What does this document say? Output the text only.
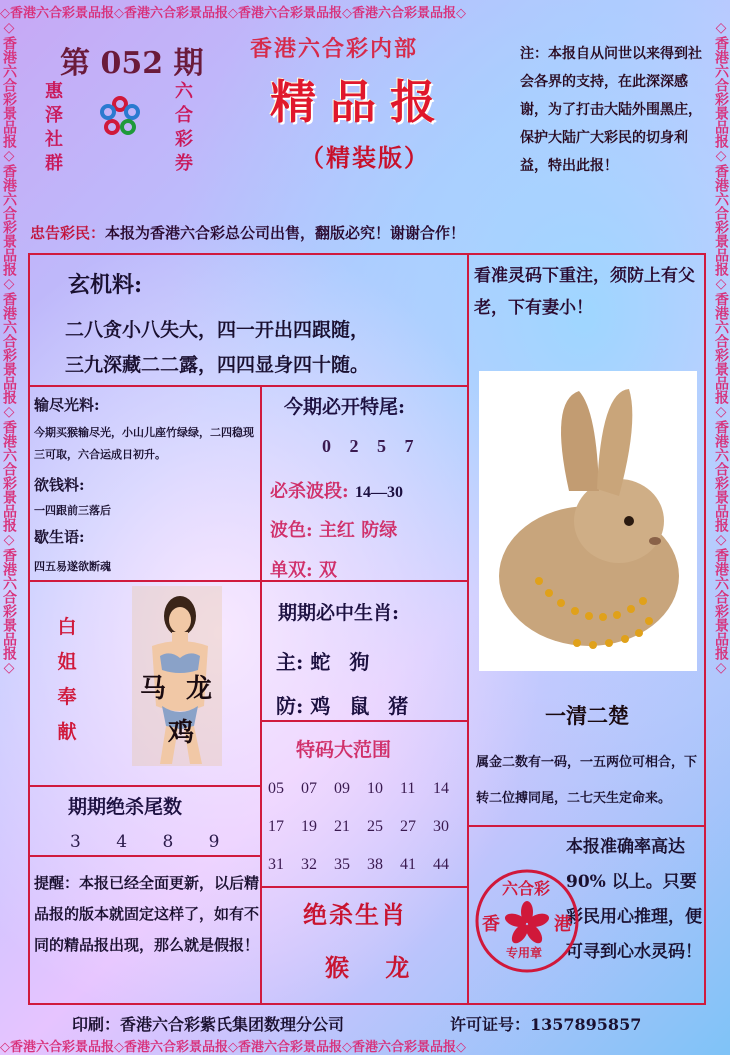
◇香港六合彩景品报◇香港六合彩景品报◇香港六合彩景品报◇香港六合彩景品报◇
◇香港六合彩景品报◇香港六合彩景品报◇香港六合彩景品报◇香港六合彩景品报◇
◇香港六合彩景品报◇香港六合彩景品报◇香港六合彩景品报◇香港六合彩景品报◇香港六合彩景品报◇	◇香港六合彩景品报◇香港六合彩景品报◇香港六合彩景品报◇香港六合彩景品报◇香港六合彩景品报◇
第 052 期
惠泽社群
六合彩券
香港六合彩内部
精品报
（精装版）
注：本报自从问世以来得到社会各界的支持，在此深深感谢，为了打击大陆外围黑庄，保护大陆广大彩民的切身利益，特出此报！
忠告彩民：本报为香港六合彩总公司出售，翻版必究！谢谢合作！
玄机料:
二八贪小八失大，四一开出四跟随，
三九深藏二二露，四四显身四十随。
看准灵码下重注，须防上有父老，下有妻小！
输尽光料:
今期买猴输尽光，小山儿座竹绿绿，二四稳现三可取，六合运成日初升。
欲钱料:
一四跟前三落后
歇生语:
四五易遂欲断魂
白姐奉献
马 龙
鸡
期期绝杀尾数
3 4 8 9
提醒：本报已经全面更新，以后精品报的版本就固定这样了，如有不同的精品报出现，那么就是假报！
今期必开特尾:
0 2 5 7
必杀波段: 14—30
波色: 主红 防绿
单双: 双
期期必中生肖:
主: 蛇 狗
防: 鸡 鼠 猪
特码大范围
05 07 09 10 11 14
17 19 21 25 27 30
31 32 35 38 41 44
绝杀生肖
猴 龙
一清二楚
属金二数有一码，一五两位可相合，下转二位搏同尾，二七天生定命来。
本报准确率高达 90% 以上。只要彩民用心推理，便可寻到心水灵码！
六合彩
香	港
专用章
印刷：香港六合彩紫氏集团数理分公司	许可证号：1357895857
